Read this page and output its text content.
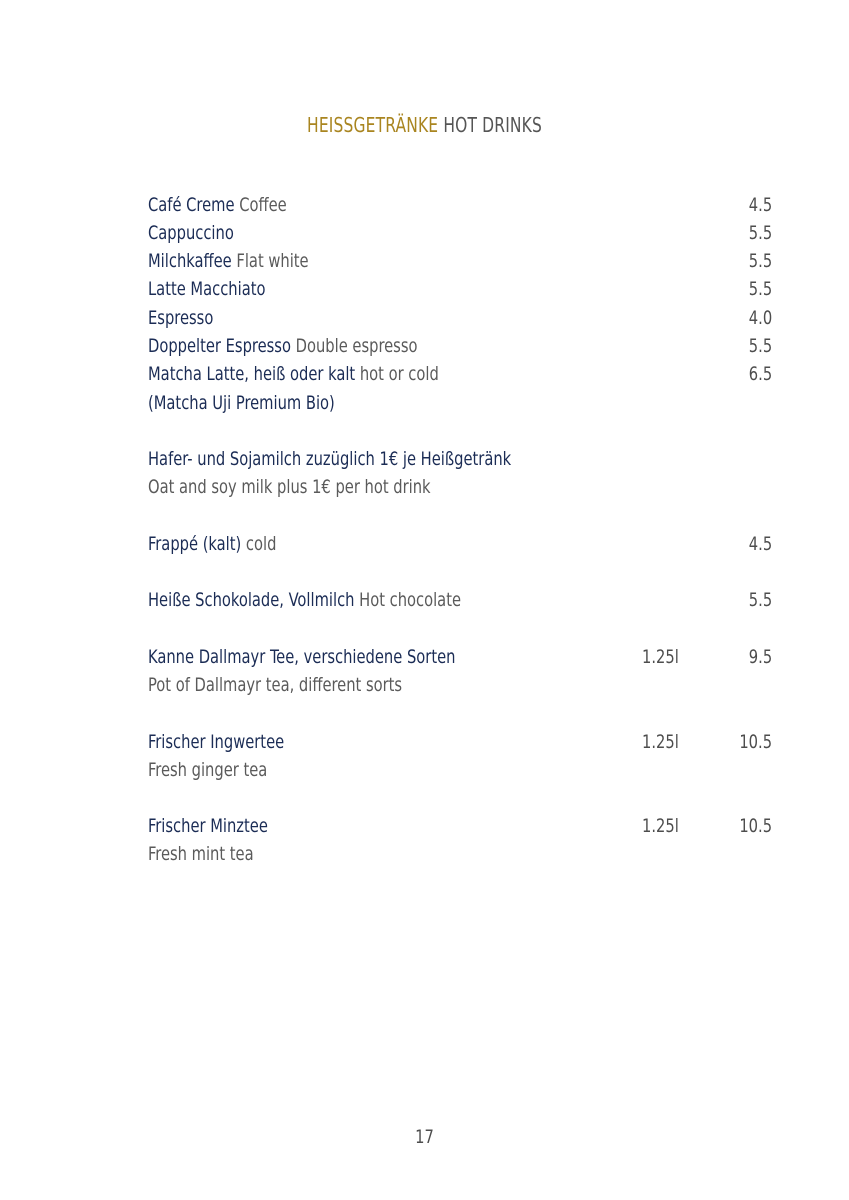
HEISSGETRÄNKE HOT DRINKS
Café Creme Coffee	4.5
Cappuccino	5.5
Milchkaffee Flat white	5.5
Latte Macchiato	5.5
Espresso	4.0
Doppelter Espresso Double espresso	5.5
Matcha Latte, heiß oder kalt hot or cold	6.5
(Matcha Uji Premium Bio)
Hafer- und Sojamilch zuzüglich 1€ je Heißgetränk
Oat and soy milk plus 1€ per hot drink
Frappé (kalt) cold	4.5
Heiße Schokolade, Vollmilch Hot chocolate	5.5
Kanne Dallmayr Tee, verschiedene Sorten	1.25l	9.5
Pot of Dallmayr tea, different sorts
Frischer Ingwertee	1.25l	10.5
Fresh ginger tea
Frischer Minztee	1.25l	10.5
Fresh mint tea
17
